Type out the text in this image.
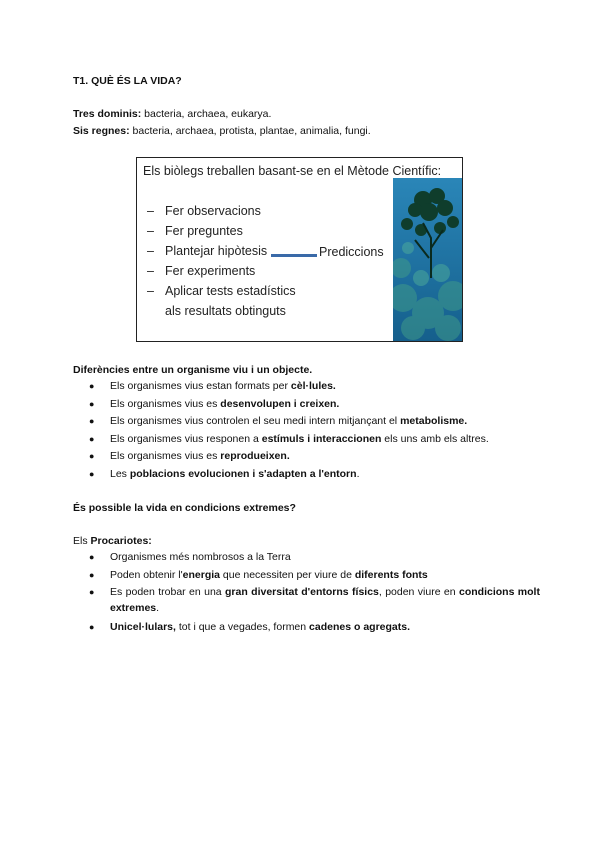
T1. QUÈ ÉS LA VIDA?
Tres dominis: bacteria, archaea, eukarya.
Sis regnes: bacteria, archaea, protista, plantae, animalia, fungi.
Els biòlegs treballen basant-se en el Mètode Científic:
– Fer observacions
– Fer preguntes
– Plantejar hipòtesis	Prediccions
– Fer experiments
– Aplicar tests estadístics
als resultats obtinguts
Diferències entre un organisme viu i un objecte.
● Els organismes vius estan formats per cèl·lules.
● Els organismes vius es desenvolupen i creixen.
● Els organismes vius controlen el seu medi intern mitjançant el metabolisme.
● Els organismes vius responen a estímuls i interaccionen els uns amb els altres.
● Els organismes vius es reprodueixen.
● Les poblacions evolucionen i s'adapten a l'entorn.
És possible la vida en condicions extremes?
Els Procariotes:
● Organismes més nombrosos a la Terra
● Poden obtenir l'energia que necessiten per viure de diferents fonts
● Es poden trobar en una gran diversitat d'entorns físics, poden viure en condicions molt extremes.
● Unicel·lulars, tot i que a vegades, formen cadenes o agregats.
